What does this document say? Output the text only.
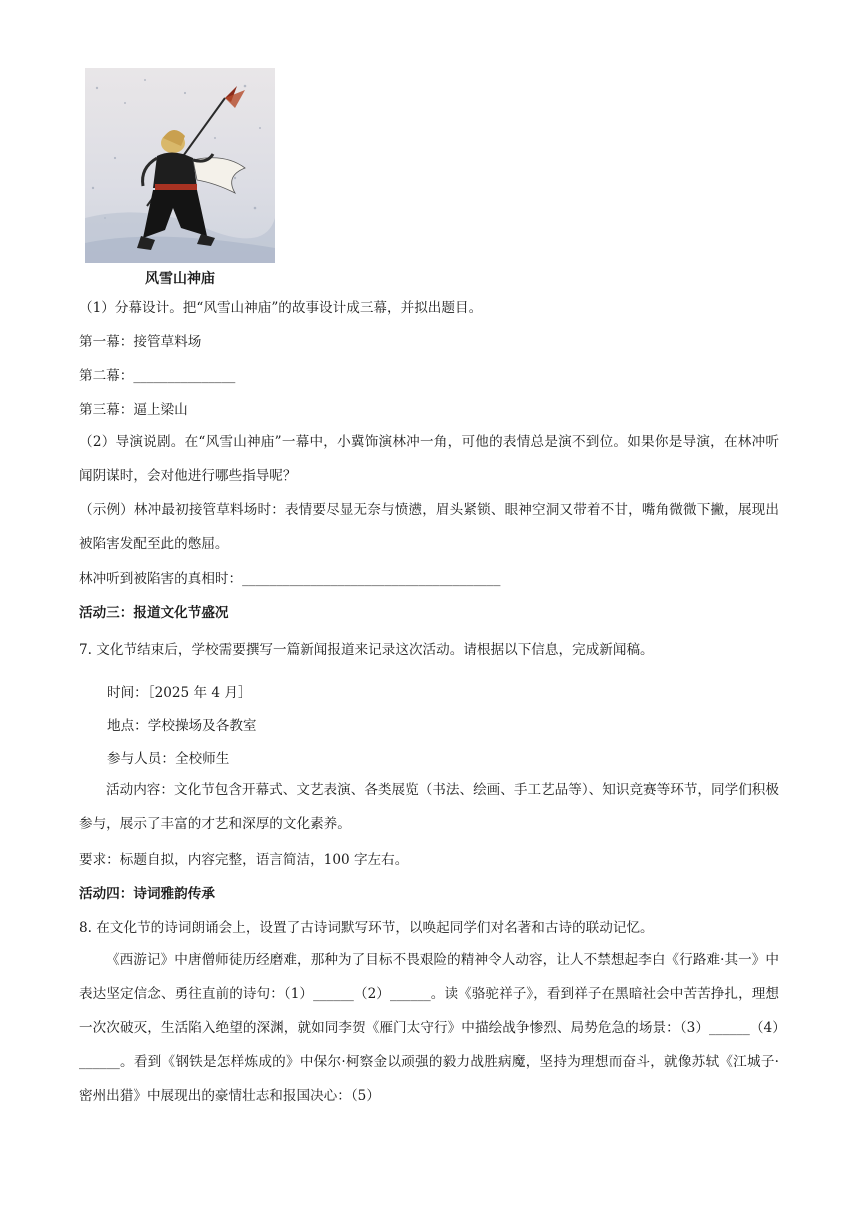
风雪山神庙
（1）分幕设计。把“风雪山神庙”的故事设计成三幕，并拟出题目。
第一幕：接管草料场
第二幕：_______________
第三幕：逼上梁山
（2）导演说剧。在“风雪山神庙”一幕中，小冀饰演林冲一角，可他的表情总是演不到位。如果你是导演，在林冲听闻阴谋时，会对他进行哪些指导呢？
（示例）林冲最初接管草料场时：表情要尽显无奈与愤懑，眉头紧锁、眼神空洞又带着不甘，嘴角微微下撇，展现出被陷害发配至此的憋屈。
林冲听到被陷害的真相时：______________________________________
活动三：报道文化节盛况
7. 文化节结束后，学校需要撰写一篇新闻报道来记录这次活动。请根据以下信息，完成新闻稿。
时间：［2025 年 4 月］
地点：学校操场及各教室
参与人员：全校师生
活动内容：文化节包含开幕式、文艺表演、各类展览（书法、绘画、手工艺品等）、知识竞赛等环节，同学们积极参与，展示了丰富的才艺和深厚的文化素养。
要求：标题自拟，内容完整，语言简洁，100 字左右。
活动四：诗词雅韵传承
8. 在文化节的诗词朗诵会上，设置了古诗词默写环节，以唤起同学们对名著和古诗的联动记忆。
《西游记》中唐僧师徒历经磨难，那种为了目标不畏艰险的精神令人动容，让人不禁想起李白《行路难·其一》中表达坚定信念、勇往直前的诗句：（1）______（2）______。读《骆驼祥子》，看到祥子在黑暗社会中苦苦挣扎，理想一次次破灭，生活陷入绝望的深渊，就如同李贺《雁门太守行》中描绘战争惨烈、局势危急的场景：（3）______（4）______。看到《钢铁是怎样炼成的》中保尔·柯察金以顽强的毅力战胜病魔，坚持为理想而奋斗，就像苏轼《江城子·密州出猎》中展现出的豪情壮志和报国决心：（5）
